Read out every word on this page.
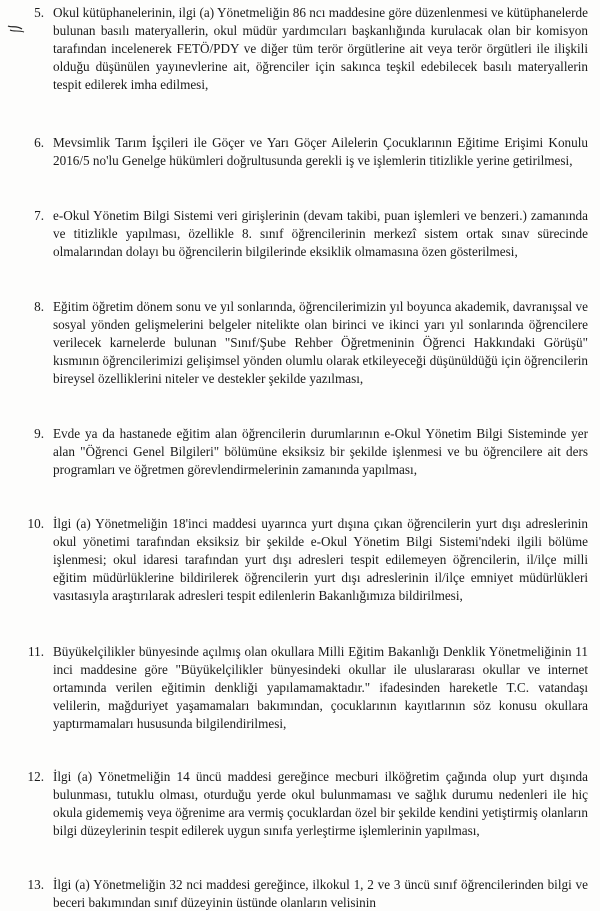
5. Okul kütüphanelerinin, ilgi (a) Yönetmeliğin 86 ncı maddesine göre düzenlenmesi ve kütüphanelerde bulunan basılı materyallerin, okul müdür yardımcıları başkanlığında kurulacak olan bir komisyon tarafından incelenerek FETÖ/PDY ve diğer tüm terör örgütlerine ait veya terör örgütleri ile ilişkili olduğu düşünülen yayınevlerine ait, öğrenciler için sakınca teşkil edebilecek basılı materyallerin tespit edilerek imha edilmesi,
6. Mevsimlik Tarım İşçileri ile Göçer ve Yarı Göçer Ailelerin Çocuklarının Eğitime Erişimi Konulu 2016/5 no'lu Genelge hükümleri doğrultusunda gerekli iş ve işlemlerin titizlikle yerine getirilmesi,
7. e-Okul Yönetim Bilgi Sistemi veri girişlerinin (devam takibi, puan işlemleri ve benzeri.) zamanında ve titizlikle yapılması, özellikle 8. sınıf öğrencilerinin merkezî sistem ortak sınav sürecinde olmalarından dolayı bu öğrencilerin bilgilerinde eksiklik olmamasına özen gösterilmesi,
8. Eğitim öğretim dönem sonu ve yıl sonlarında, öğrencilerimizin yıl boyunca akademik, davranışsal ve sosyal yönden gelişmelerini belgeler nitelikte olan birinci ve ikinci yarı yıl sonlarında öğrencilere verilecek karnelerde bulunan "Sınıf/Şube Rehber Öğretmeninin Öğrenci Hakkındaki Görüşü" kısmının öğrencilerimizi gelişimsel yönden olumlu olarak etkileyeceği düşünüldüğü için öğrencilerin bireysel özelliklerini niteler ve destekler şekilde yazılması,
9. Evde ya da hastanede eğitim alan öğrencilerin durumlarının e-Okul Yönetim Bilgi Sisteminde yer alan "Öğrenci Genel Bilgileri" bölümüne eksiksiz bir şekilde işlenmesi ve bu öğrencilere ait ders programları ve öğretmen görevlendirmelerinin zamanında yapılması,
10. İlgi (a) Yönetmeliğin 18'inci maddesi uyarınca yurt dışına çıkan öğrencilerin yurt dışı adreslerinin okul yönetimi tarafından eksiksiz bir şekilde e-Okul Yönetim Bilgi Sistemi'ndeki ilgili bölüme işlenmesi; okul idaresi tarafından yurt dışı adresleri tespit edilemeyen öğrencilerin, il/ilçe milli eğitim müdürlüklerine bildirilerek öğrencilerin yurt dışı adreslerinin il/ilçe emniyet müdürlükleri vasıtasıyla araştırılarak adresleri tespit edilenlerin Bakanlığımıza bildirilmesi,
11. Büyükelçilikler bünyesinde açılmış olan okullara Milli Eğitim Bakanlığı Denklik Yönetmeliğinin 11 inci maddesine göre "Büyükelçilikler bünyesindeki okullar ile uluslararası okullar ve internet ortamında verilen eğitimin denkliği yapılamamaktadır." ifadesinden hareketle T.C. vatandaşı velilerin, mağduriyet yaşamamaları bakımından, çocuklarının kayıtlarının söz konusu okullara yaptırmamaları hususunda bilgilendirilmesi,
12. İlgi (a) Yönetmeliğin 14 üncü maddesi gereğince mecburi ilköğretim çağında olup yurt dışında bulunması, tutuklu olması, oturduğu yerde okul bulunmaması ve sağlık durumu nedenleri ile hiç okula gidememiş veya öğrenime ara vermiş çocuklardan özel bir şekilde kendini yetiştirmiş olanların bilgi düzeylerinin tespit edilerek uygun sınıfa yerleştirme işlemlerinin yapılması,
13. İlgi (a) Yönetmeliğin 32 nci maddesi gereğince, ilkokul 1, 2 ve 3 üncü sınıf öğrencilerinden bilgi ve beceri bakımından sınıf düzeyinin üstünde olanların velisinin
